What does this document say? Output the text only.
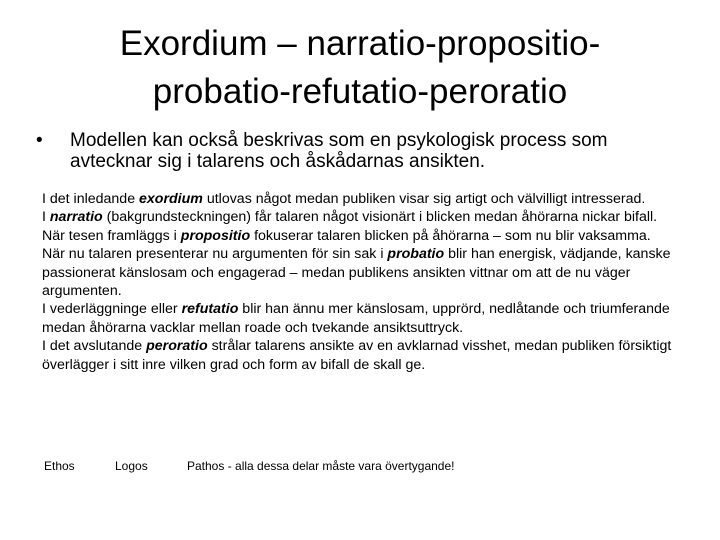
Exordium – narratio-propositio-
probatio-refutatio-peroratio
•	Modellen kan också beskrivas som en psykologisk process som avtecknar sig i talarens och åskådarnas ansikten.

I det inledande exordium utlovas något medan publiken visar sig artigt och välvilligt intresserad.

I narratio (bakgrundsteckningen) får talaren något visionärt i blicken medan åhörarna nickar bifall.

När tesen framläggs i propositio fokuserar talaren blicken på åhörarna – som nu blir vaksamma.

När nu talaren presenterar nu argumenten för sin sak i probatio blir han energisk, vädjande, kanske passionerat känslosam och engagerad – medan publikens ansikten vittnar om att de nu väger argumenten.

I vederläggninge eller refutatio blir han ännu mer känslosam, upprörd, nedlåtande och triumferande medan åhörarna vacklar mellan roade och tvekande ansiktsuttryck.

I det avslutande peroratio strålar talarens ansikte av en avklarnad visshet, medan publiken försiktigt överlägger i sitt inre vilken grad och form av bifall de skall ge.

Ethos	Logos	Pathos - alla dessa delar måste vara övertygande!
